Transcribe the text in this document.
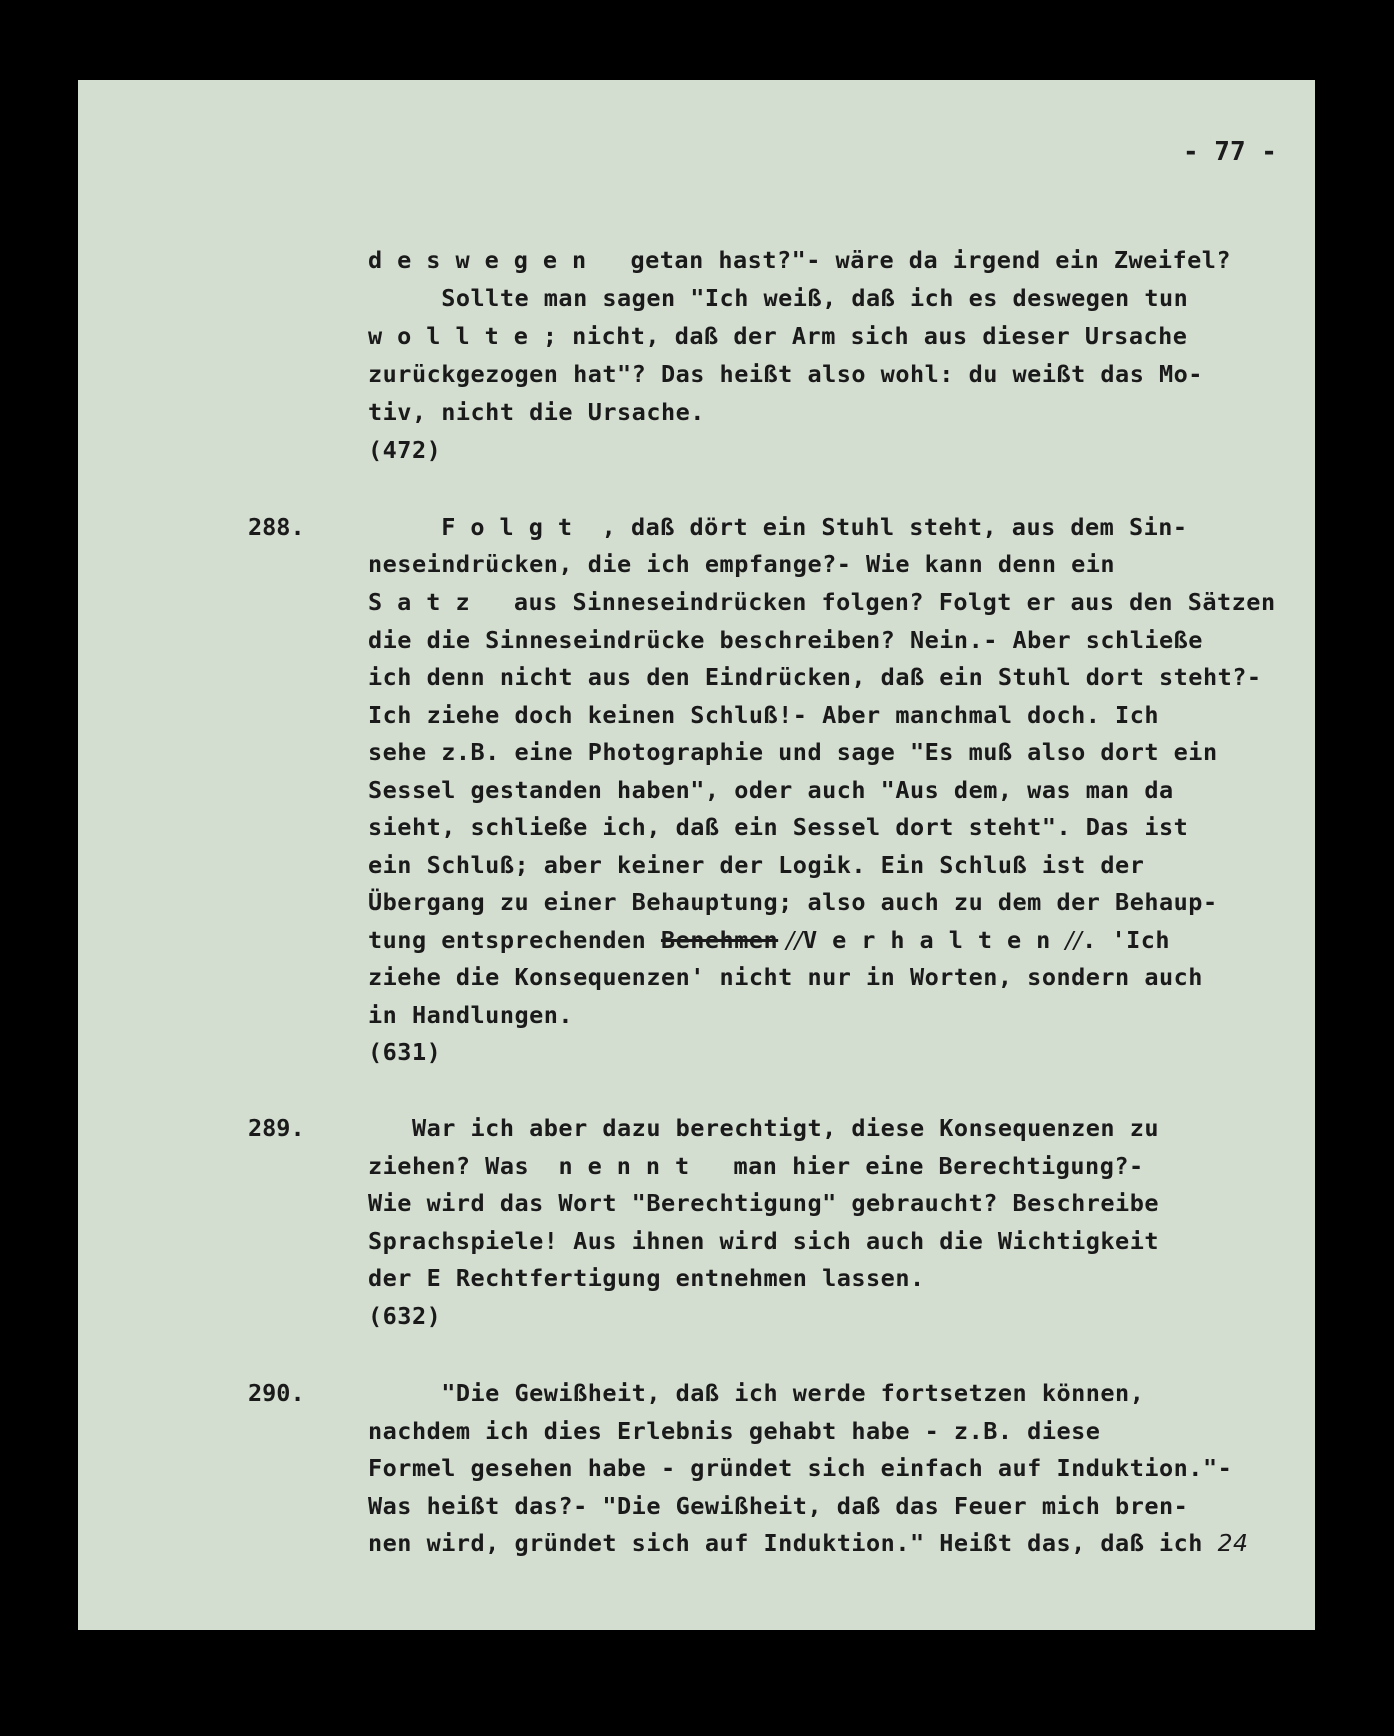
- 77 -
deswegen  getan hast?"- wäre da irgend ein Zweifel?
Sollte man sagen "Ich weiß, daß ich es deswegen tun
wollte; nicht, daß der Arm sich aus dieser Ursache
zurückgezogen hat"? Das heißt also wohl: du weißt das Mo-
tiv, nicht die Ursache.
(472)
288.	Folgt , daß dört ein Stuhl steht, aus dem Sin-
neseindrücken, die ich empfange?- Wie kann denn ein
Satz  aus Sinneseindrücken folgen? Folgt er aus den Sätzen
die die Sinneseindrücke beschreiben? Nein.- Aber schließe
ich denn nicht aus den Eindrücken, daß ein Stuhl dort steht?-
Ich ziehe doch keinen Schluß!- Aber manchmal doch. Ich
sehe z.B. eine Photographie und sage "Es muß also dort ein
Sessel gestanden haben", oder auch "Aus dem, was man da
sieht, schließe ich, daß ein Sessel dort steht". Das ist
ein Schluß; aber keiner der Logik. Ein Schluß ist der
Übergang zu einer Behauptung; also auch zu dem der Behaup-
tung entsprechenden Benehmen //Verhalten//. 'Ich
ziehe die Konsequenzen' nicht nur in Worten, sondern auch
in Handlungen.
(631)
289.	War ich aber dazu berechtigt, diese Konsequenzen zu
ziehen? Was  nennt  man hier eine Berechtigung?-
Wie wird das Wort "Berechtigung" gebraucht? Beschreibe
Sprachspiele! Aus ihnen wird sich auch die Wichtigkeit
der E Rechtfertigung entnehmen lassen.
(632)
290.	"Die Gewißheit, daß ich werde fortsetzen können,
nachdem ich dies Erlebnis gehabt habe - z.B. diese
Formel gesehen habe - gründet sich einfach auf Induktion."-
Was heißt das?- "Die Gewißheit, daß das Feuer mich bren-
nen wird, gründet sich auf Induktion." Heißt das, daß ich 24
